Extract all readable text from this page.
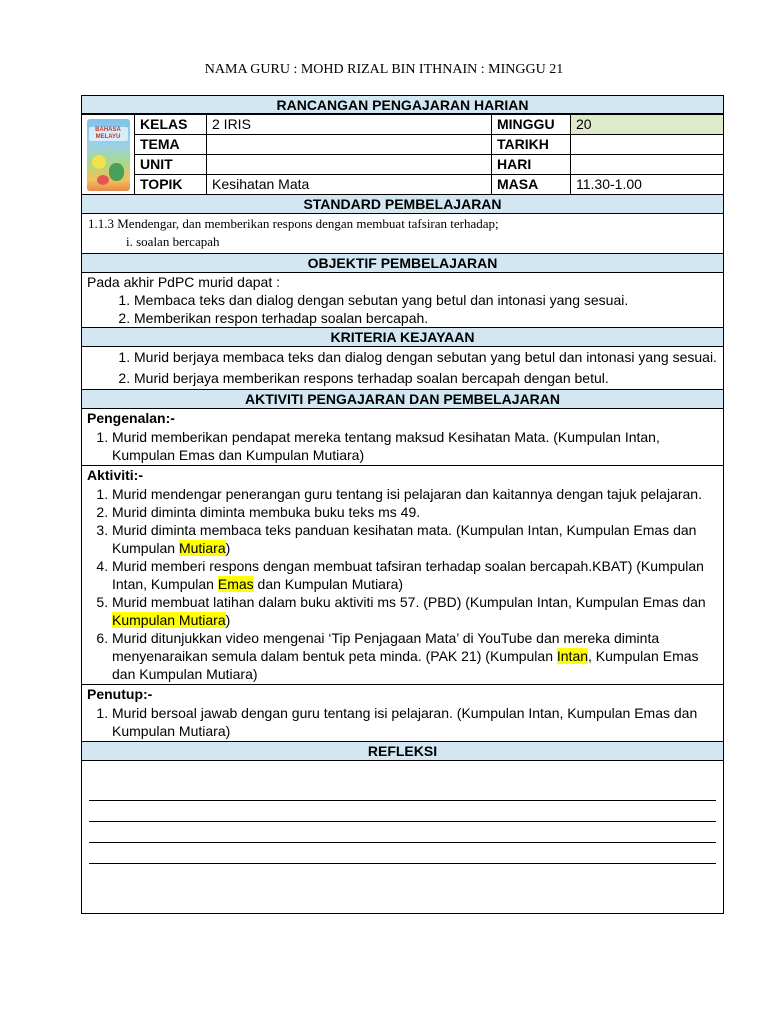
NAMA GURU : MOHD RIZAL BIN ITHNAIN : MINGGU 21
RANCANGAN PENGAJARAN HARIAN
BAHASA MELAYU	KELAS	2 IRIS	MINGGU	20
	TEMA		TARIKH	
	UNIT		HARI	
	TOPIK	Kesihatan Mata	MASA	11.30-1.00
STANDARD PEMBELAJARAN
1.1.3 Mendengar, dan memberikan respons dengan membuat tafsiran terhadap;
i. soalan bercapah
OBJEKTIF PEMBELAJARAN
Pada akhir PdPC murid dapat :
1. Membaca teks dan dialog dengan sebutan yang betul dan intonasi yang sesuai.
2. Memberikan respon terhadap soalan bercapah.
KRITERIA KEJAYAAN
1. Murid berjaya membaca teks dan dialog dengan sebutan yang betul dan intonasi yang sesuai.
2. Murid berjaya memberikan respons terhadap soalan bercapah dengan betul.
AKTIVITI PENGAJARAN DAN PEMBELAJARAN
Pengenalan:-
1. Murid memberikan pendapat mereka tentang maksud Kesihatan Mata. (Kumpulan Intan, Kumpulan Emas dan Kumpulan Mutiara)
Aktiviti:-
1. Murid mendengar penerangan guru tentang isi pelajaran dan kaitannya dengan tajuk pelajaran.
2. Murid diminta diminta membuka buku teks ms 49.
3. Murid diminta membaca teks panduan kesihatan mata. (Kumpulan Intan, Kumpulan Emas dan Kumpulan Mutiara)
4. Murid memberi respons dengan membuat tafsiran terhadap soalan bercapah.KBAT) (Kumpulan Intan, Kumpulan Emas dan Kumpulan Mutiara)
5. Murid membuat latihan dalam buku aktiviti ms 57. (PBD) (Kumpulan Intan, Kumpulan Emas dan Kumpulan Mutiara)
6. Murid ditunjukkan video mengenai ‘Tip Penjagaan Mata’ di YouTube dan mereka diminta menyenaraikan semula dalam bentuk peta minda. (PAK 21) (Kumpulan Intan, Kumpulan Emas dan Kumpulan Mutiara)
Penutup:-
1. Murid bersoal jawab dengan guru tentang isi pelajaran. (Kumpulan Intan, Kumpulan Emas dan Kumpulan Mutiara)
REFLEKSI
